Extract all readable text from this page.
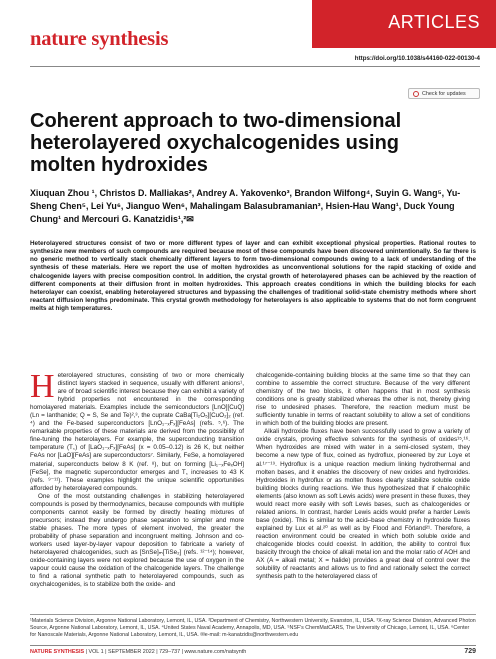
nature synthesis
ARTICLES
https://doi.org/10.1038/s44160-022-00130-4
Check for updates
Coherent approach to two-dimensional heterolayered oxychalcogenides using molten hydroxides
Xiuquan Zhou ¹, Christos D. Malliakas², Andrey A. Yakovenko³, Brandon Wilfong⁴, Suyin G. Wang⁵, Yu-Sheng Chen⁵, Lei Yu⁶, Jianguo Wen⁶, Mahalingam Balasubramanian³, Hsien-Hau Wang¹, Duck Young Chung¹ and Mercouri G. Kanatzidis¹,²✉

Heterolayered structures consist of two or more different types of layer and can exhibit exceptional physical properties. Rational routes to synthesize new members of such compounds are required because most of these compounds have been discovered unintentionally. So far there is no generic method to vertically stack chemically different layers to form two-dimensional compounds owing to a lack of understanding of the synthesis of these materials. Here we report the use of molten hydroxides as unconventional solutions for the rapid stacking of oxide and chalcogenide layers with precise composition control. In addition, the crystal growth of heterolayered phases can be achieved by the reaction of different components at their diffusion front in molten hydroxides. This approach creates conditions in which the building blocks for each heterolayer can coexist, enabling heterolayered structures and bypassing the challenges of traditional solid-state chemistry methods where short reactant diffusion lengths predominate. This crystal growth methodology for heterolayers is also applicable to systems that do not form congruent melts at high temperatures.

Heterolayered structures, consisting of two or more chemically distinct layers stacked in sequence, usually with different anions¹, are of broad scientific interest because they can exhibit a variety of hybrid properties not encountered in the corresponding homolayered materials. Examples include the semiconductors [LnO][CuQ] (Ln = lanthanide; Q = S, Se and Te)²,³, the cuprate CaBa[Ti₂O₅][CuO₂]₂ (ref. ⁴) and the Fe-based superconductors [LnO₁₋ₓFₓ][FeAs] (refs. ⁵,⁶). The remarkable properties of these materials are derived from the possibility of fine-tuning the heterolayers. For example, the superconducting transition temperature (T꜀) of [LaO₁₋ₓFₓ][FeAs] (x = 0.05–0.12) is 26 K, but neither FeAs nor [LaO][FeAs] are superconductors⁷. Similarly, FeSe, a homolayered material, superconducts below 8 K (ref. ⁸), but on forming [Li₁₋ₓFeₓOH][FeSe], the magnetic superconductor emerges and T꜀ increases to 43 K (refs. ⁹⁻¹¹). These examples highlight the unique scientific opportunities afforded by heterolayered compounds.

One of the most outstanding challenges in stabilizing heterolayered compounds is posed by thermodynamics, because compounds with multiple components cannot easily be formed by directly heating mixtures of precursors; instead they undergo phase separation to simpler and more stable phases. The more types of element involved, the greater the probability of phase separation and incongruent melting. Johnson and co-workers used layer-by-layer vapour deposition to fabricate a variety of heterolayered chalcogenides, such as [SnSe]ₘ[TiSe₂] (refs. ¹²⁻¹⁴); however, oxide-containing layers were not explored because the use of oxygen in the vapour could cause the oxidation of the chalcogenide layers. The challenge to find a rational synthetic path to heterolayered compounds, such as oxychalcogenides, is to stabilize both the oxide- and

chalcogenide-containing building blocks at the same time so that they can combine to assemble the correct structure. Because of the very different chemistry of the two blocks, it often happens that in most synthesis conditions one is greatly stabilized whereas the other is not, thereby giving rise to undesired phases. Therefore, the reaction medium must be sufficiently tunable in terms of reactant solubility to allow a set of conditions in which both of the building blocks are present.

Alkali hydroxide fluxes have been successfully used to grow a variety of oxide crystals, proving effective solvents for the synthesis of oxides¹⁵,¹⁶. When hydroxides are mixed with water in a semi-closed system, they become a new type of flux, coined as hydroflux, pioneered by zur Loye et al.¹⁷⁻¹⁹. Hydroflux is a unique reaction medium linking hydrothermal and molten bases, and it enables the discovery of new oxides and hydroxides. Hydroxides in hydroflux or as molten fluxes clearly stabilize soluble oxide building blocks during reactions. We thus hypothesized that if chalcophilic elements (also known as soft Lewis acids) were present in these fluxes, they would react more easily with soft Lewis bases, such as chalcogenides or related anions. In contrast, harder Lewis acids would prefer a harder Lewis base (oxide). This is similar to the acid–base chemistry in hydroxide fluxes explained by Lux et al.²⁰ as well as by Flood and Förland²¹. Therefore, a reaction environment could be created in which both soluble oxide and chalcogenide blocks could coexist. In addition, the ability to control flux basicity through the choice of alkali metal ion and the molar ratio of AOH and AX (A = alkali metal; X = halide) provides a great deal of control over the solubility of reactants and allows us to find and rationally select the correct synthesis path to the heterolayered class of

¹Materials Science Division, Argonne National Laboratory, Lemont, IL, USA. ²Department of Chemistry, Northwestern University, Evanston, IL, USA. ³X-ray Science Division, Advanced Photon Source, Argonne National Laboratory, Lemont, IL, USA. ⁴United States Naval Academy, Annapolis, MD, USA. ⁵NSF's ChemMatCARS, The University of Chicago, Lemont, IL, USA. ⁶Center for Nanoscale Materials, Argonne National Laboratory, Lemont, IL, USA. ✉e-mail: m-kanatzidis@northwestern.edu
NATURE SYNTHESIS | VOL 1 | SEPTEMBER 2022 | 729–737 | www.nature.com/natsynth	729
